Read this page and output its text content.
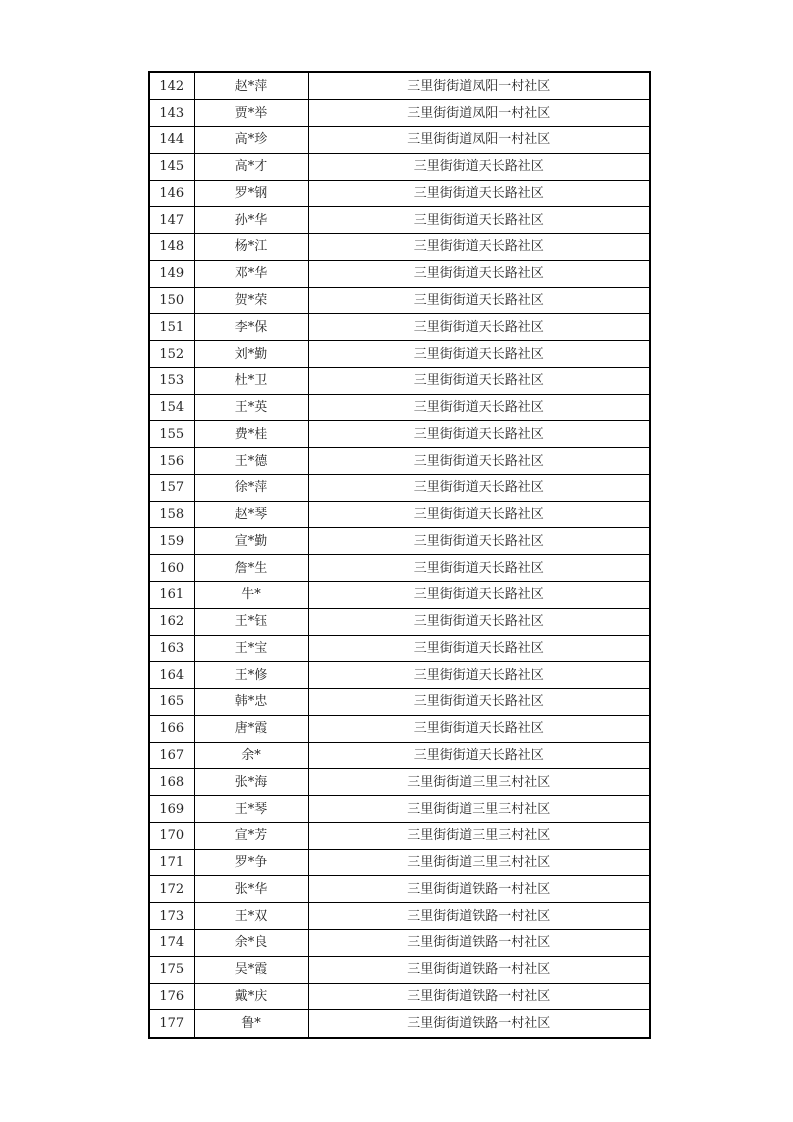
142	赵*萍	三里街街道凤阳一村社区
143	贾*举	三里街街道凤阳一村社区
144	高*珍	三里街街道凤阳一村社区
145	高*才	三里街街道天长路社区
146	罗*钢	三里街街道天长路社区
147	孙*华	三里街街道天长路社区
148	杨*江	三里街街道天长路社区
149	邓*华	三里街街道天长路社区
150	贺*荣	三里街街道天长路社区
151	李*保	三里街街道天长路社区
152	刘*勤	三里街街道天长路社区
153	杜*卫	三里街街道天长路社区
154	王*英	三里街街道天长路社区
155	费*桂	三里街街道天长路社区
156	王*德	三里街街道天长路社区
157	徐*萍	三里街街道天长路社区
158	赵*琴	三里街街道天长路社区
159	宣*勤	三里街街道天长路社区
160	詹*生	三里街街道天长路社区
161	牛*	三里街街道天长路社区
162	王*钰	三里街街道天长路社区
163	王*宝	三里街街道天长路社区
164	王*修	三里街街道天长路社区
165	韩*忠	三里街街道天长路社区
166	唐*霞	三里街街道天长路社区
167	余*	三里街街道天长路社区
168	张*海	三里街街道三里三村社区
169	王*琴	三里街街道三里三村社区
170	宣*芳	三里街街道三里三村社区
171	罗*争	三里街街道三里三村社区
172	张*华	三里街街道铁路一村社区
173	王*双	三里街街道铁路一村社区
174	余*良	三里街街道铁路一村社区
175	吴*霞	三里街街道铁路一村社区
176	戴*庆	三里街街道铁路一村社区
177	鲁*	三里街街道铁路一村社区
